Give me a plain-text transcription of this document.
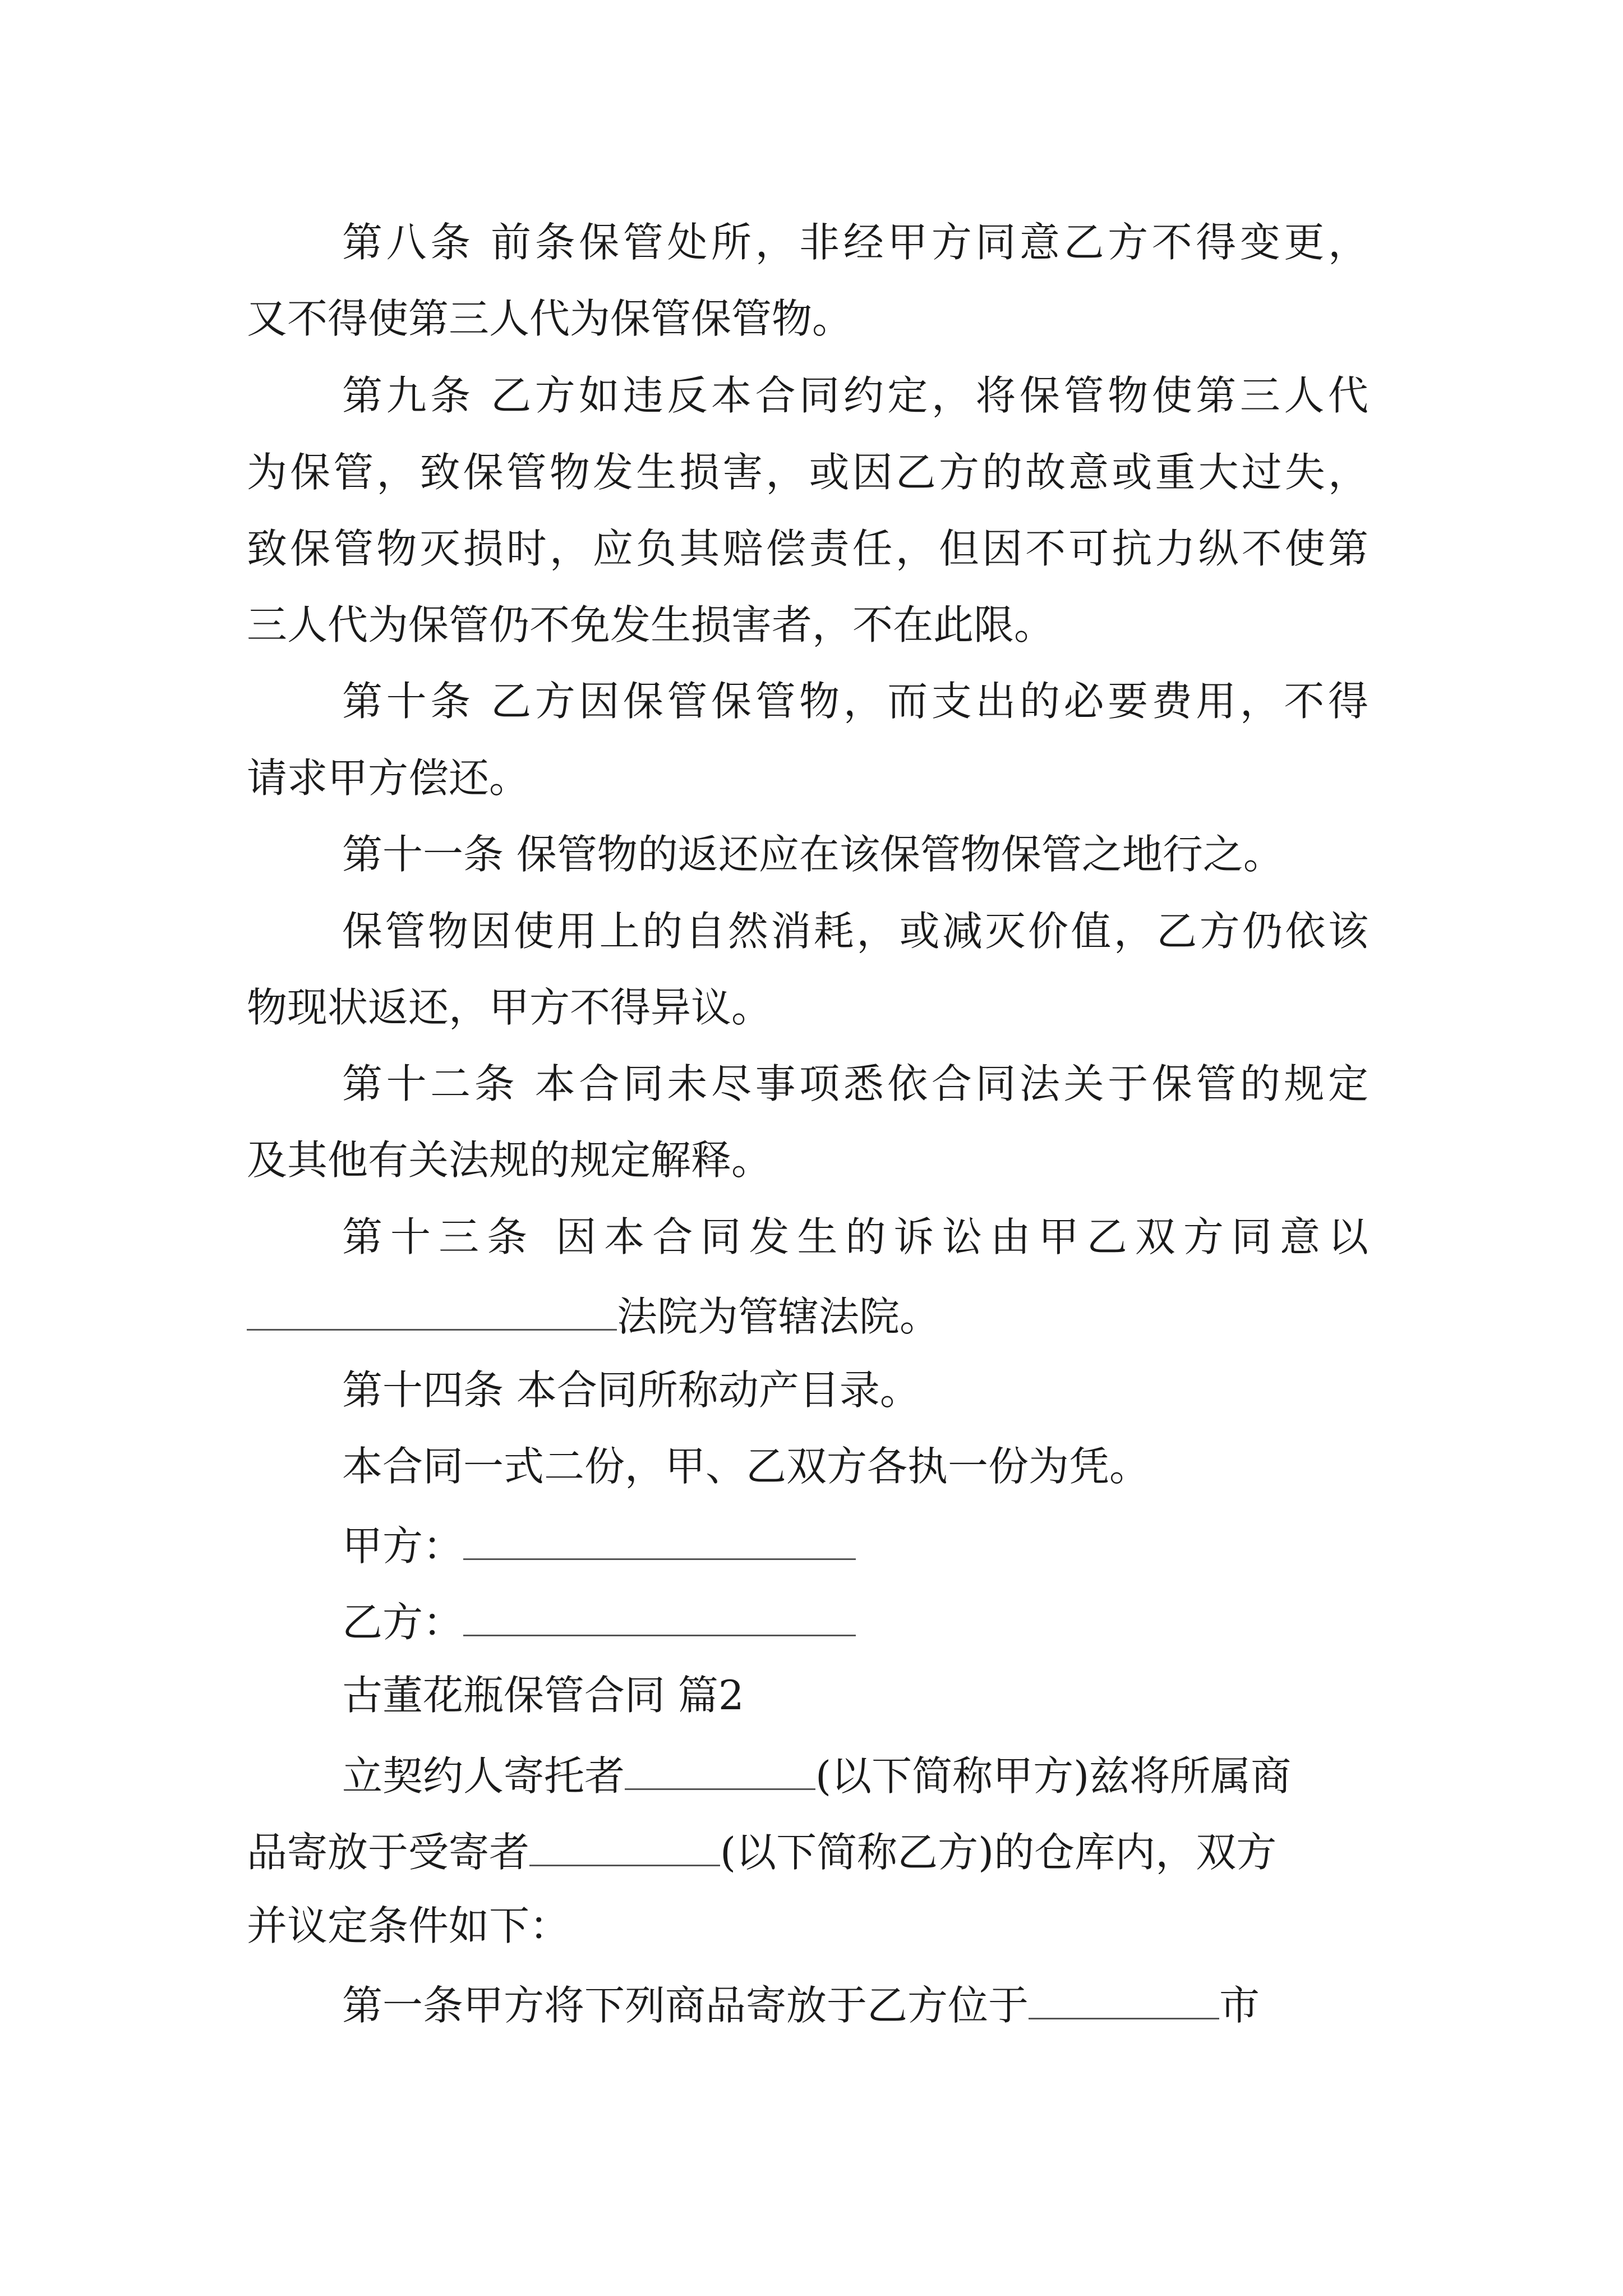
第八条 前条保管处所，非经甲方同意乙方不得变更，
又不得使第三人代为保管保管物。
第九条 乙方如违反本合同约定，将保管物使第三人代
为保管，致保管物发生损害，或因乙方的故意或重大过失，
致保管物灭损时，应负其赔偿责任，但因不可抗力纵不使第
三人代为保管仍不免发生损害者，不在此限。
第十条 乙方因保管保管物，而支出的必要费用，不得
请求甲方偿还。
第十一条 保管物的返还应在该保管物保管之地行之。
保管物因使用上的自然消耗，或减灭价值，乙方仍依该
物现状返还，甲方不得异议。
第十二条 本合同未尽事项悉依合同法关于保管的规定
及其他有关法规的规定解释。
第十三条 因本合同发生的诉讼由甲乙双方同意以
法院为管辖法院。
第十四条 本合同所称动产目录。
本合同一式二份，甲、乙双方各执一份为凭。
甲方：
乙方：
古董花瓶保管合同 篇2
立契约人寄托者	(以下简称甲方)兹将所属商
品寄放于受寄者	(以下简称乙方)的仓库内，双方
并议定条件如下：
第一条甲方将下列商品寄放于乙方位于	市
